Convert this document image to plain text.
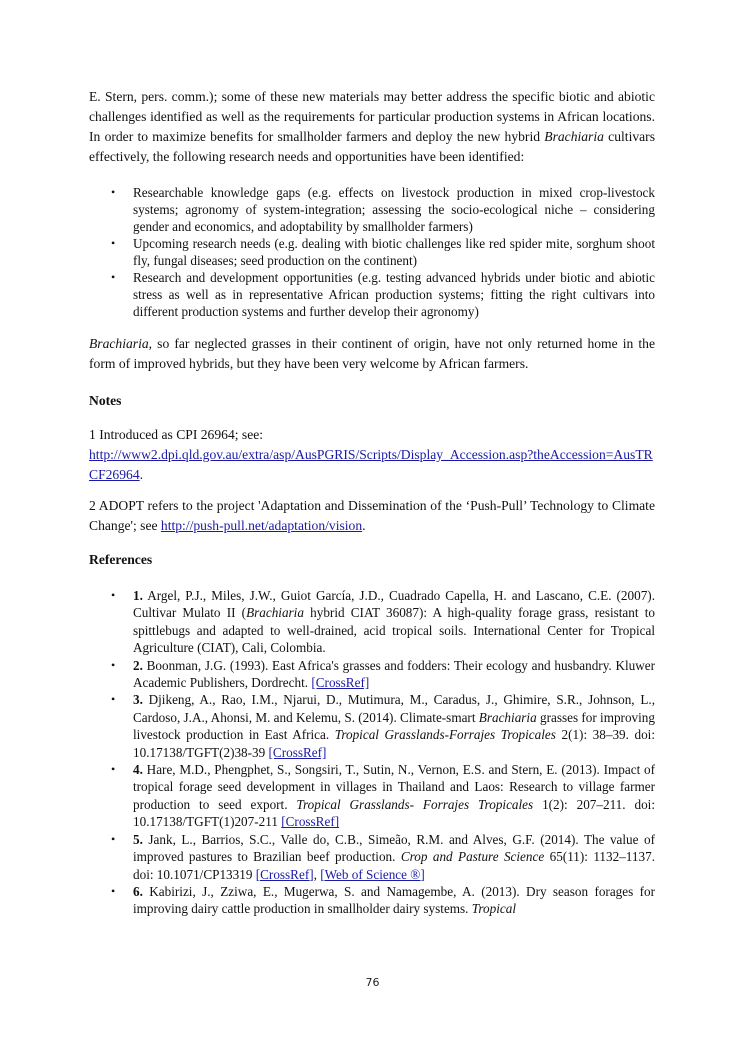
E. Stern, pers. comm.); some of these new materials may better address the specific biotic and abiotic challenges identified as well as the requirements for particular production systems in African locations. In order to maximize benefits for smallholder farmers and deploy the new hybrid Brachiaria cultivars effectively, the following research needs and opportunities have been identified:

• Researchable knowledge gaps (e.g. effects on livestock production in mixed crop-livestock systems; agronomy of system-integration; assessing the socio-ecological niche – considering gender and economics, and adoptability by smallholder farmers)
• Upcoming research needs (e.g. dealing with biotic challenges like red spider mite, sorghum shoot fly, fungal diseases; seed production on the continent)
• Research and development opportunities (e.g. testing advanced hybrids under biotic and abiotic stress as well as in representative African production systems; fitting the right cultivars into different production systems and further develop their agronomy)

Brachiaria, so far neglected grasses in their continent of origin, have not only returned home in the form of improved hybrids, but they have been very welcome by African farmers.

Notes

1 Introduced as CPI 26964; see:
http://www2.dpi.qld.gov.au/extra/asp/AusPGRIS/Scripts/Display_Accession.asp?theAccession=AusTRCF26964.

2 ADOPT refers to the project 'Adaptation and Dissemination of the ‘Push-Pull’ Technology to Climate Change'; see http://push-pull.net/adaptation/vision.

References

• 1. Argel, P.J., Miles, J.W., Guiot García, J.D., Cuadrado Capella, H. and Lascano, C.E. (2007). Cultivar Mulato II (Brachiaria hybrid CIAT 36087): A high-quality forage grass, resistant to spittlebugs and adapted to well-drained, acid tropical soils. International Center for Tropical Agriculture (CIAT), Cali, Colombia.
• 2. Boonman, J.G. (1993). East Africa's grasses and fodders: Their ecology and husbandry. Kluwer Academic Publishers, Dordrecht. [CrossRef]
• 3. Djikeng, A., Rao, I.M., Njarui, D., Mutimura, M., Caradus, J., Ghimire, S.R., Johnson, L., Cardoso, J.A., Ahonsi, M. and Kelemu, S. (2014). Climate-smart Brachiaria grasses for improving livestock production in East Africa. Tropical Grasslands-Forrajes Tropicales 2(1): 38–39. doi: 10.17138/TGFT(2)38-39 [CrossRef]
• 4. Hare, M.D., Phengphet, S., Songsiri, T., Sutin, N., Vernon, E.S. and Stern, E. (2013). Impact of tropical forage seed development in villages in Thailand and Laos: Research to village farmer production to seed export. Tropical Grasslands- Forrajes Tropicales 1(2): 207–211. doi: 10.17138/TGFT(1)207-211 [CrossRef]
• 5. Jank, L., Barrios, S.C., Valle do, C.B., Simeão, R.M. and Alves, G.F. (2014). The value of improved pastures to Brazilian beef production. Crop and Pasture Science 65(11): 1132–1137. doi: 10.1071/CP13319 [CrossRef], [Web of Science ®]
• 6. Kabirizi, J., Zziwa, E., Mugerwa, S. and Namagembe, A. (2013). Dry season forages for improving dairy cattle production in smallholder dairy systems. Tropical
76
